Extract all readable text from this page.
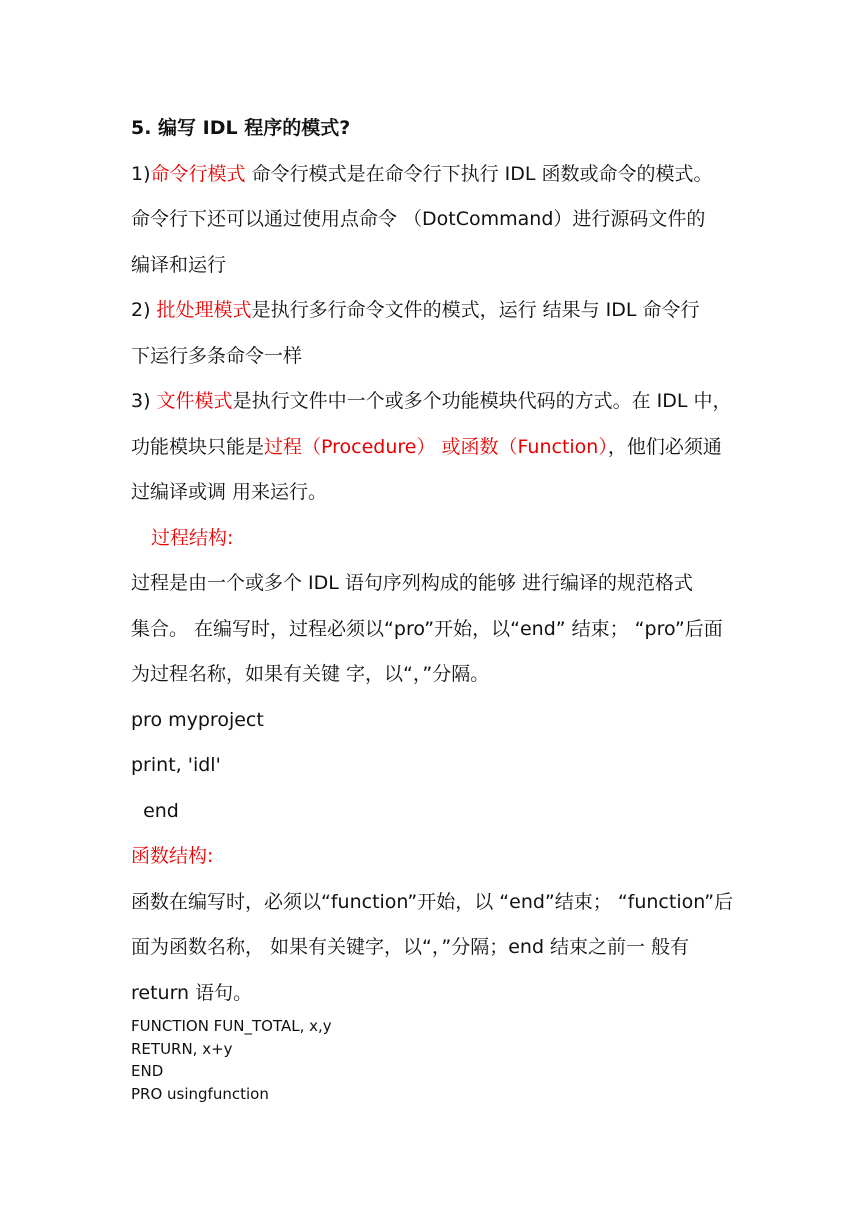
5. 编写 IDL 程序的模式?
1)命令行模式 命令行模式是在命令行下执行 IDL 函数或命令的模式。
命令行下还可以通过使用点命令 （DotCommand）进行源码文件的
编译和运行
2) 批处理模式是执行多行命令文件的模式，运行 结果与 IDL 命令行
下运行多条命令一样
3) 文件模式是执行文件中一个或多个功能模块代码的方式。在 IDL 中，
功能模块只能是过程（Procedure） 或函数（Function），他们必须通
过编译或调 用来运行。
过程结构:
过程是由一个或多个 IDL 语句序列构成的能够 进行编译的规范格式
集合。 在编写时，过程必须以“pro”开始，以“end” 结束； “pro”后面
为过程名称，如果有关键 字，以“，”分隔。
pro myproject
print, 'idl'
end
函数结构:
函数在编写时，必须以“function”开始，以 “end”结束； “function”后
面为函数名称， 如果有关键字，以“，”分隔；end 结束之前一 般有
return 语句。
FUNCTION FUN_TOTAL, x,y
RETURN, x+y
END
PRO usingfunction
